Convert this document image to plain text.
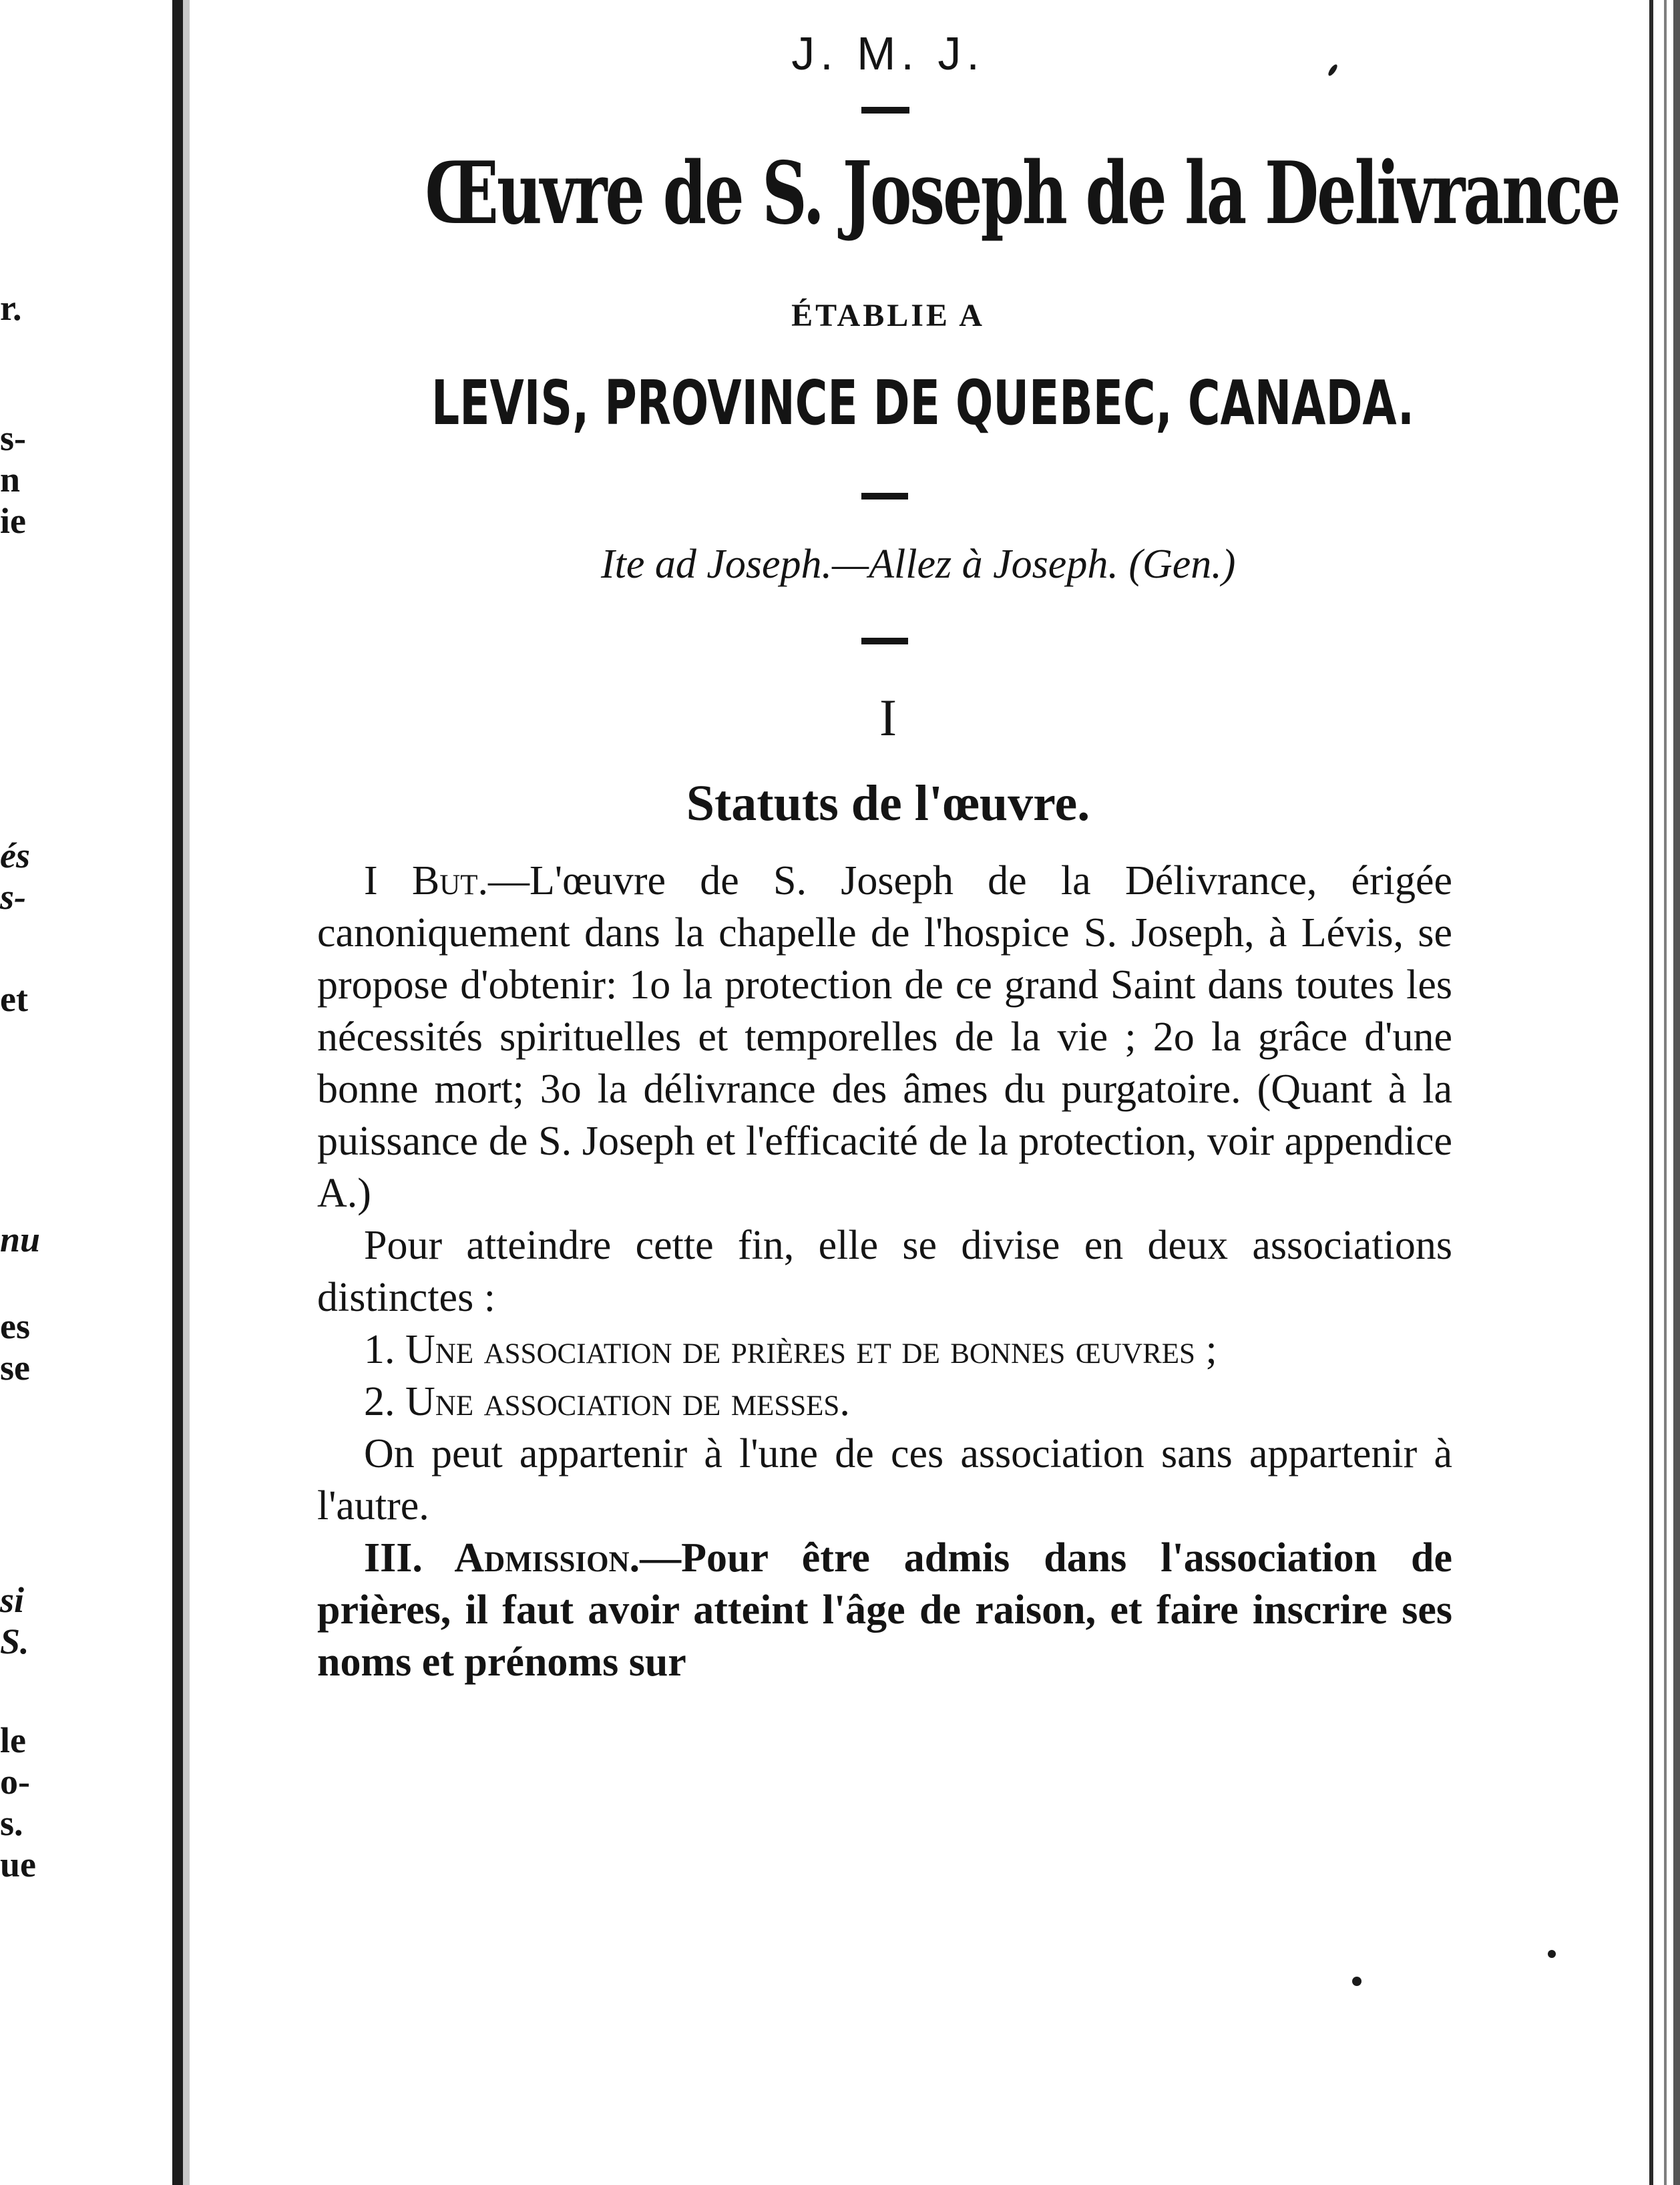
r.
s-
n
ie
és
s-
et
nu
es
se
si
S.
le
o-
s.
ue
J. M. J.
Œuvre de S. Joseph de la Delivrance
ÉTABLIE A
LEVIS, PROVINCE DE QUEBEC, CANADA.
Ite ad Joseph.—Allez à Joseph. (Gen.)
I
Statuts de l'œuvre.

I But.—L'œuvre de S. Joseph de la Délivrance, érigée canoniquement dans la chapelle de l'hospice S. Joseph, à Lévis, se propose d'obtenir: 1o la protection de ce grand Saint dans toutes les nécessités spirituelles et temporelles de la vie ; 2o la grâce d'une bonne mort; 3o la délivrance des âmes du purgatoire. (Quant à la puissance de S. Joseph et l'efficacité de la protection, voir appendice A.)

Pour atteindre cette fin, elle se divise en deux associations distinctes :

1. Une association de prières et de bonnes œuvres ;

2. Une association de messes.

On peut appartenir à l'une de ces association sans appartenir à l'autre.

III. Admission.—Pour être admis dans l'association de prières, il faut avoir atteint l'âge de raison, et faire inscrire ses noms et prénoms sur
